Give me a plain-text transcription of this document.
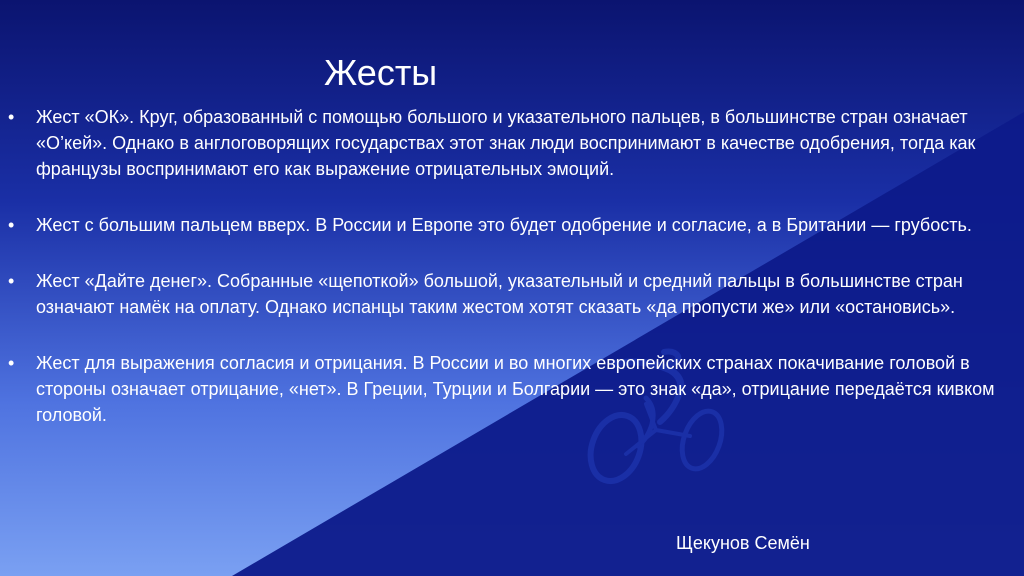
Жесты
• Жест «ОК». Круг, образованный с помощью большого и указательного пальцев, в большинстве стран означает «О’кей». Однако в англоговорящих государствах этот знак люди воспринимают в качестве одобрения, тогда как французы воспринимают его как выражение отрицательных эмоций.
• Жест с большим пальцем вверх. В России и Европе это будет одобрение и согласие, а в Британии — грубость.
• Жест «Дайте денег». Собранные «щепоткой» большой, указательный и средний пальцы в большинстве стран означают намёк на оплату. Однако испанцы таким жестом хотят сказать «да пропусти же» или «остановись».
• Жест для выражения согласия и отрицания. В России и во многих европейских странах покачивание головой в стороны означает отрицание, «нет». В Греции, Турции и Болгарии — это знак «да», отрицание передаётся кивком головой.
Щекунов Семён
